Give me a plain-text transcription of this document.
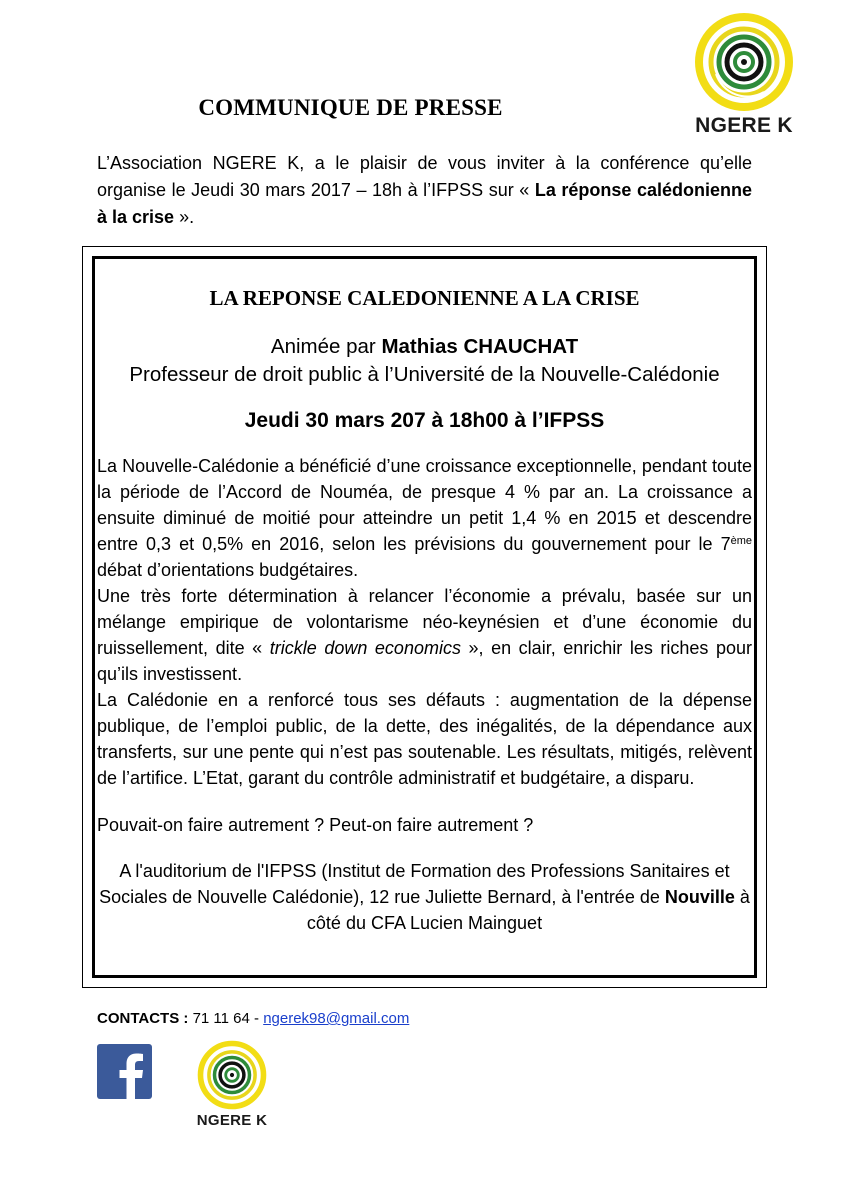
COMMUNIQUE DE PRESSE
NGERE K
L’Association NGERE K, a le plaisir de vous inviter à la conférence qu’elle organise le Jeudi 30 mars 2017 – 18h à l’IFPSS sur « La réponse calédonienne à la crise ».
LA REPONSE CALEDONIENNE A LA CRISE
Animée par Mathias CHAUCHAT
Professeur de droit public à l’Université de la Nouvelle-Calédonie
Jeudi 30 mars 207 à 18h00 à l’IFPSS

La Nouvelle-Calédonie a bénéficié d’une croissance exceptionnelle, pendant toute la période de l’Accord de Nouméa, de presque 4 % par an. La croissance a ensuite diminué de moitié pour atteindre un petit 1,4 % en 2015 et descendre entre 0,3 et 0,5% en 2016, selon les prévisions du gouvernement pour le 7ème débat d’orientations budgétaires.

Une très forte détermination à relancer l’économie a prévalu, basée sur un mélange empirique de volontarisme néo-keynésien et d’une économie du ruissellement, dite « trickle down economics », en clair, enrichir les riches pour qu’ils investissent.

La Calédonie en a renforcé tous ses défauts : augmentation de la dépense publique, de l’emploi public, de la dette, des inégalités, de la dépendance aux transferts, sur une pente qui n’est pas soutenable. Les résultats, mitigés, relèvent de l’artifice. L’Etat, garant du contrôle administratif et budgétaire, a disparu.

Pouvait-on faire autrement ? Peut-on faire autrement ?
A l'auditorium de l'IFPSS (Institut de Formation des Professions Sanitaires et Sociales de Nouvelle Calédonie), 12 rue Juliette Bernard, à l'entrée de Nouville à côté du CFA Lucien Mainguet
CONTACTS : 71 11 64 - ngerek98@gmail.com
NGERE K
